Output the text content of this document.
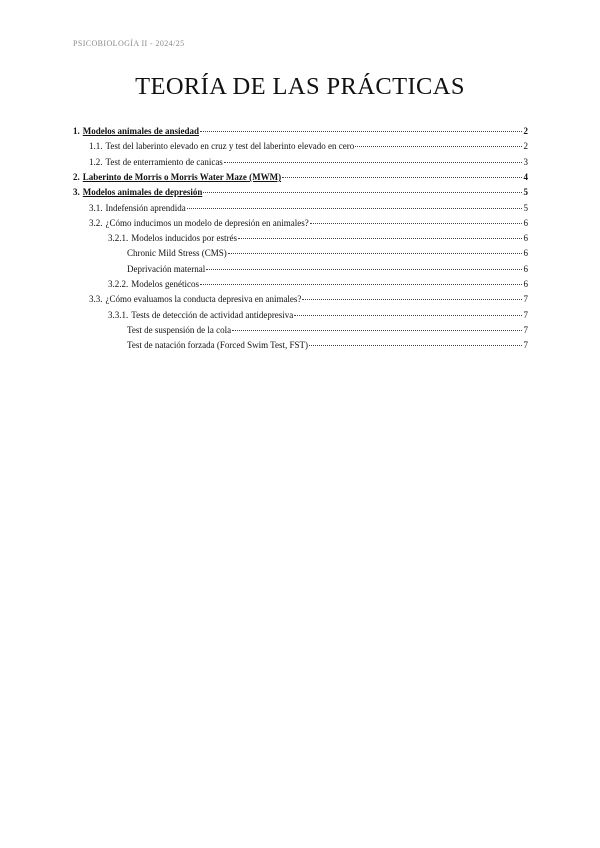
PSICOBIOLOGÍA II - 2024/25
TEORÍA DE LAS PRÁCTICAS
1. Modelos animales de ansiedad	2
1.1. Test del laberinto elevado en cruz y test del laberinto elevado en cero	2
1.2. Test de enterramiento de canicas	3
2. Laberinto de Morris o Morris Water Maze (MWM)	4
3. Modelos animales de depresión	5
3.1. Indefensión aprendida	5
3.2. ¿Cómo inducimos un modelo de depresión en animales?	6
3.2.1. Modelos inducidos por estrés	6
Chronic Mild Stress (CMS)	6
Deprivación maternal	6
3.2.2. Modelos genéticos	6
3.3. ¿Cómo evaluamos la conducta depresiva en animales?	7
3.3.1. Tests de detección de actividad antidepresiva	7
Test de suspensión de la cola	7
Test de natación forzada (Forced Swim Test, FST)	7
